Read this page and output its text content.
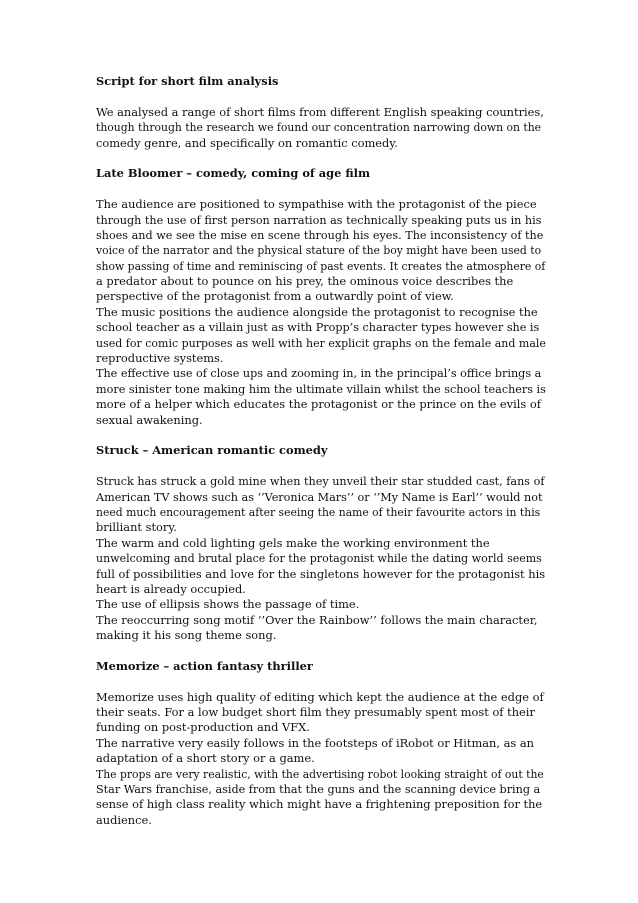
Script for short film analysis
We analysed a range of short films from different English speaking countries,
though through the research we found our concentration narrowing down on the
comedy genre, and specifically on romantic comedy.
Late Bloomer – comedy, coming of age film
The audience are positioned to sympathise with the protagonist of the piece
through the use of first person narration as technically speaking puts us in his
shoes and we see the mise en scene through his eyes. The inconsistency of the
voice of the narrator and the physical stature of the boy might have been used to
show passing of time and reminiscing of past events. It creates the atmosphere of
a predator about to pounce on his prey, the ominous voice describes the
perspective of the protagonist from a outwardly point of view.
The music positions the audience alongside the protagonist to recognise the
school teacher as a villain just as with Propp’s character types however she is
used for comic purposes as well with her explicit graphs on the female and male
reproductive systems.
The effective use of close ups and zooming in, in the principal’s office brings a
more sinister tone making him the ultimate villain whilst the school teachers is
more of a helper which educates the protagonist or the prince on the evils of
sexual awakening.
Struck – American romantic comedy
Struck has struck a gold mine when they unveil their star studded cast, fans of
American TV shows such as ‘’Veronica Mars’’ or ‘’My Name is Earl’’ would not
need much encouragement after seeing the name of their favourite actors in this
brilliant story.
The warm and cold lighting gels make the working environment the
unwelcoming and brutal place for the protagonist while the dating world seems
full of possibilities and love for the singletons however for the protagonist his
heart is already occupied.
The use of ellipsis shows the passage of time.
The reoccurring song motif ‘’Over the Rainbow’’ follows the main character,
making it his song theme song.
Memorize – action fantasy thriller
Memorize uses high quality of editing which kept the audience at the edge of
their seats. For a low budget short film they presumably spent most of their
funding on post-production and VFX.
The narrative very easily follows in the footsteps of iRobot or Hitman, as an
adaptation of a short story or a game.
The props are very realistic, with the advertising robot looking straight of out the
Star Wars franchise, aside from that the guns and the scanning device bring a
sense of high class reality which might have a frightening preposition for the
audience.
